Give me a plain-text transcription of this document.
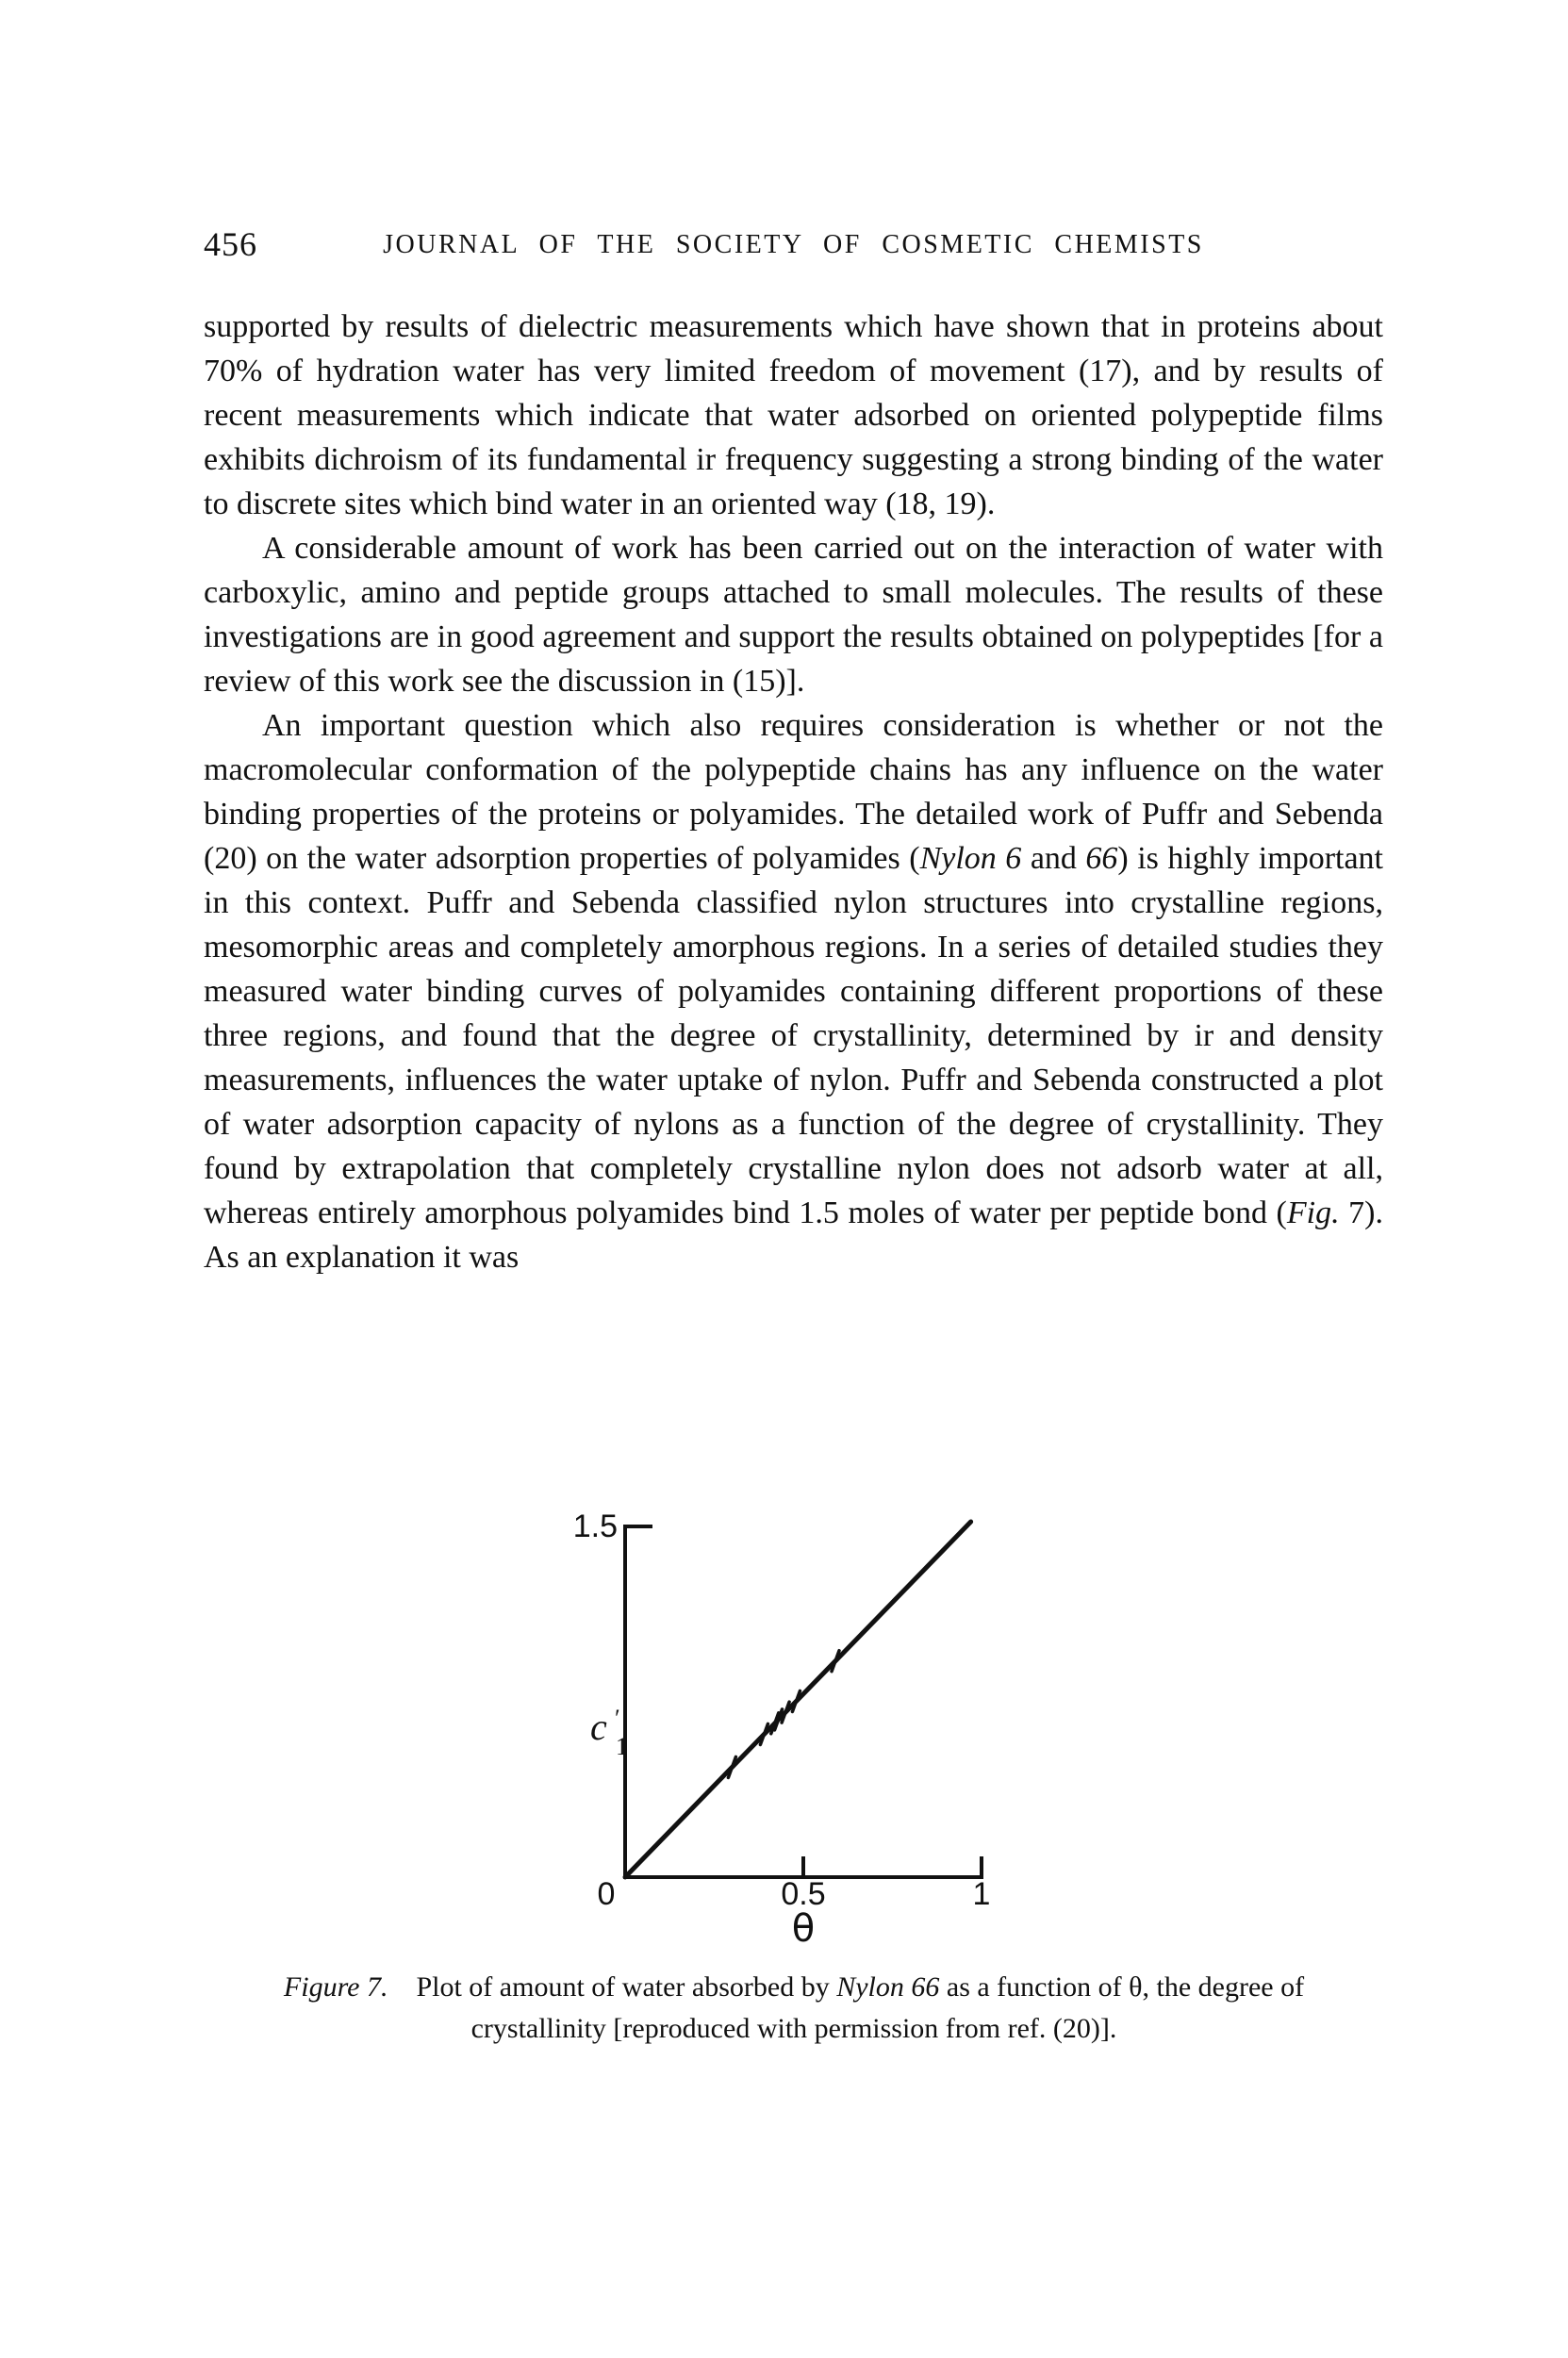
456	JOURNAL OF THE SOCIETY OF COSMETIC CHEMISTS

supported by results of dielectric measurements which have shown that in proteins about 70% of hydration water has very limited freedom of movement (17), and by results of recent measurements which indicate that water adsorbed on oriented polypeptide films exhibits dichroism of its fundamental ir frequency suggesting a strong binding of the water to discrete sites which bind water in an oriented way (18, 19).

A considerable amount of work has been carried out on the interaction of water with carboxylic, amino and peptide groups attached to small molecules. The results of these investigations are in good agreement and support the results obtained on polypeptides [for a review of this work see the discussion in (15)].

An important question which also requires consideration is whether or not the macromolecular conformation of the polypeptide chains has any influence on the water binding properties of the proteins or polyamides. The detailed work of Puffr and Sebenda (20) on the water adsorption properties of polyamides (Nylon 6 and 66) is highly important in this context. Puffr and Sebenda classified nylon structures into crystalline regions, mesomorphic areas and completely amorphous regions. In a series of detailed studies they measured water binding curves of polyamides containing different proportions of these three regions, and found that the degree of crystallinity, determined by ir and density measurements, influences the water uptake of nylon. Puffr and Sebenda constructed a plot of water adsorption capacity of nylons as a function of the degree of crystallinity. They found by extrapolation that completely crystalline nylon does not adsorb water at all, whereas entirely amorphous polyamides bind 1.5 moles of water per peptide bond (Fig. 7). As an explanation it was

1.5
0	0.5	1
θ
c ′
1
Figure 7. Plot of amount of water absorbed by Nylon 66 as a function of θ, the degree of crystallinity [reproduced with permission from ref. (20)].
